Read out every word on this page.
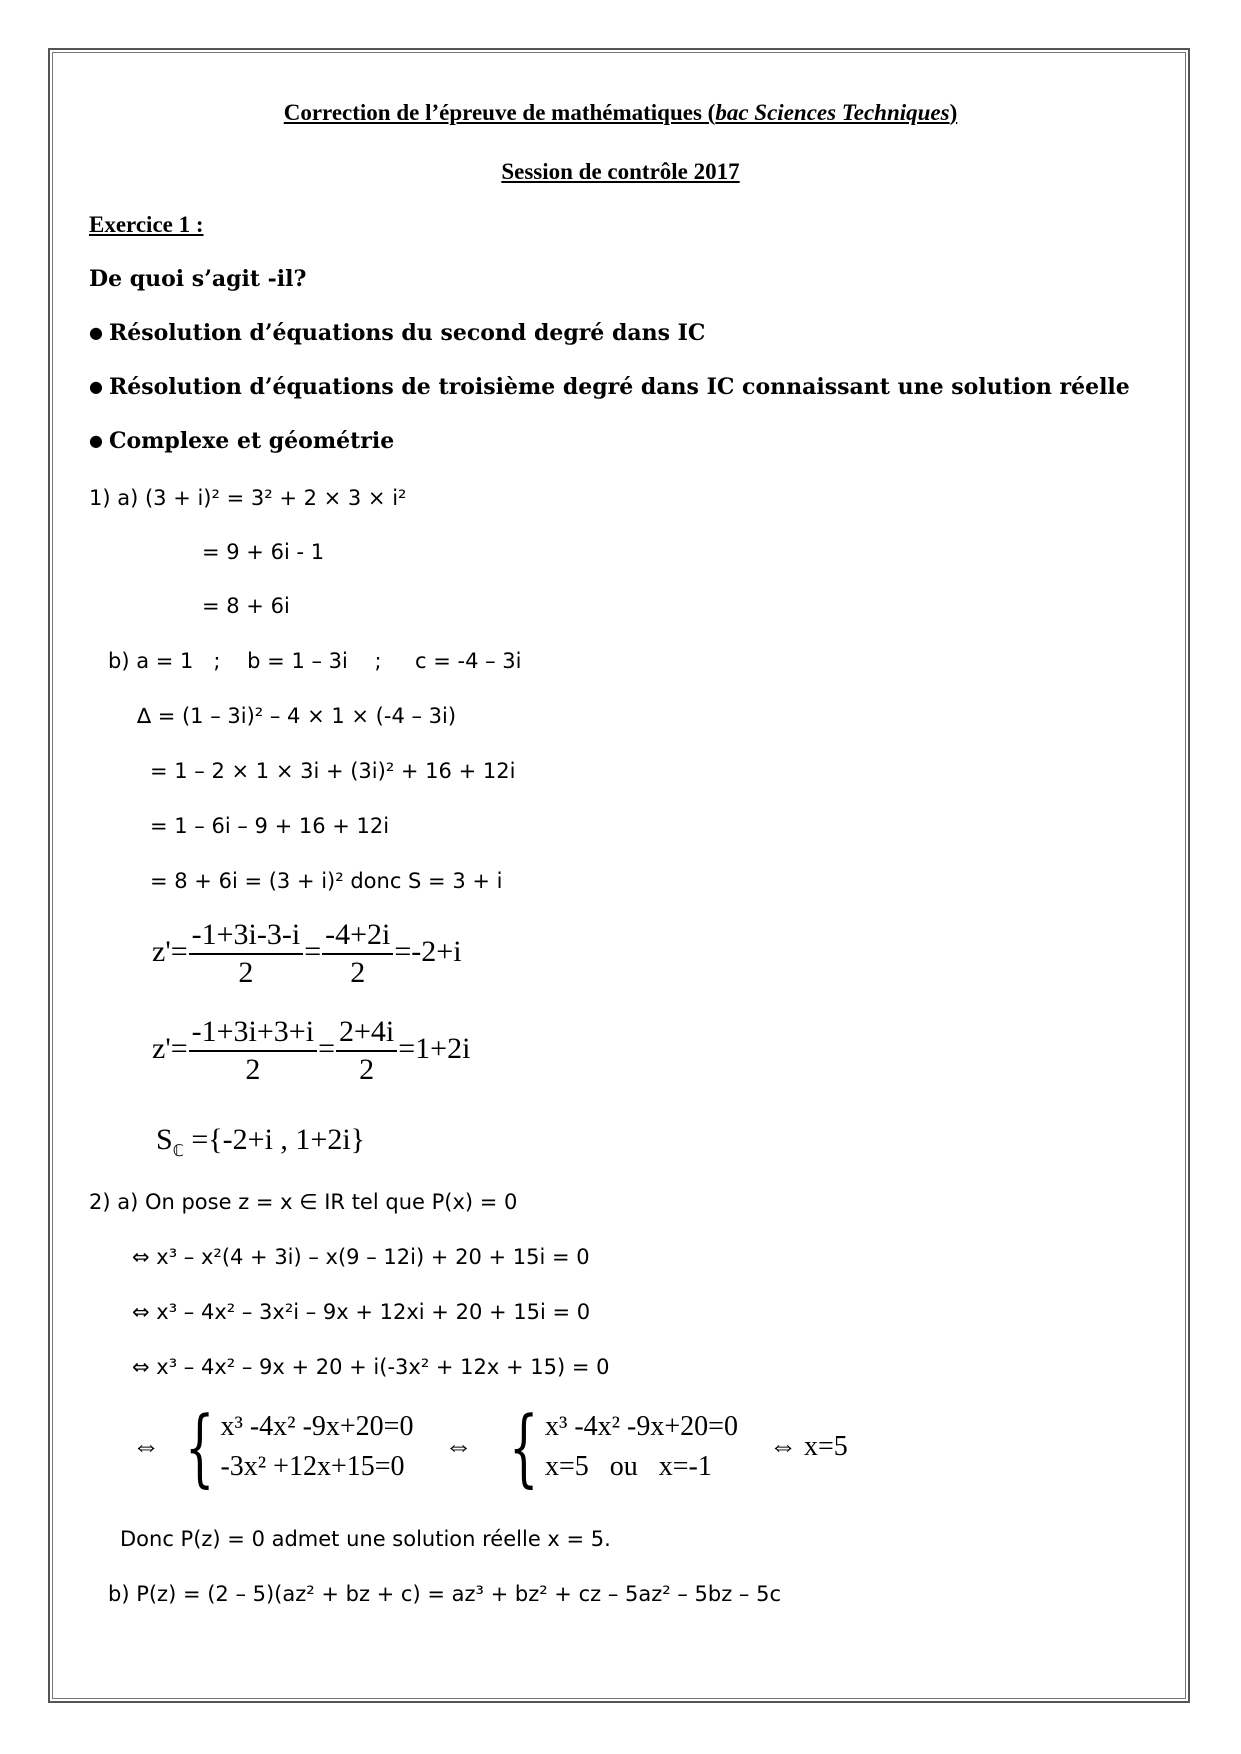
Correction de l’épreuve de mathématiques (bac Sciences Techniques)
Session de contrôle 2017
Exercice 1 :
De quoi s’agit -il?
● Résolution d’équations du second degré dans IC
● Résolution d’équations de troisième degré dans IC connaissant une solution réelle
● Complexe et géométrie
1) a) (3 + i)² = 3² + 2 × 3 × i²
= 9 + 6i - 1
= 8 + 6i
b) a = 1   ;    b = 1 – 3i    ;     c = -4 – 3i
∆ = (1 – 3i)² – 4 × 1 × (-4 – 3i)
= 1 – 2 × 1 × 3i + (3i)² + 16 + 12i
= 1 – 6i – 9 + 16 + 12i
= 8 + 6i = (3 + i)² donc S = 3 + i
$z'= \frac{-1+3i-3-i}{2} = \frac{-4+2i}{2} =-2+i$
$z'= \frac{-1+3i+3+i}{2} = \frac{2+4i}{2} =1+2i$
$S_ℂ =\{-2+i$ , 1+2i}
2) a) On pose z = x ∈ IR tel que P(x) = 0
⇔ x³ – x²(4 + 3i) – x(9 – 12i) + 20 + 15i = 0
⇔ x³ – 4x² – 3x²i – 9x + 12xi + 20 + 15i = 0
⇔ x³ – 4x² – 9x + 20 + i(-3x² + 12x + 15) = 0
⇔ { x³ -4x² -9x+20=0
-3x² +12x+15=0
⇔ { x³ -4x² -9x+20=0
x=5   ou   x=-1
⇔ x=5
Donc P(z) = 0 admet une solution réelle x = 5.
b) P(z) = (2 – 5)(az² + bz + c) = az³ + bz² + cz – 5az² – 5bz – 5c
